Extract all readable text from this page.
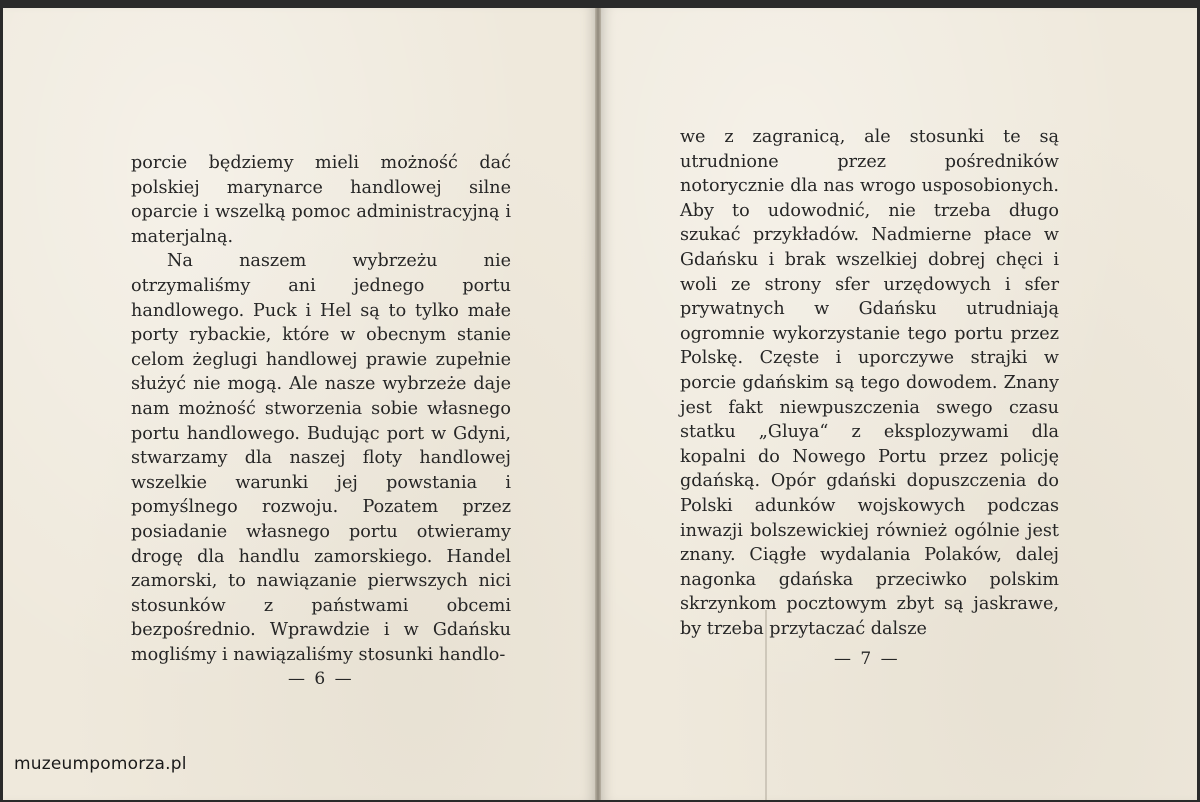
porcie będziemy mieli możność dać polskiej marynarce handlowej silne oparcie i wszelką pomoc administracyjną i materjalną.

Na naszem wybrzeżu nie otrzymaliśmy ani jednego portu handlowego. Puck i Hel są to tylko małe porty rybackie, które w obecnym stanie celom żeglugi handlowej prawie zupełnie służyć nie mogą. Ale nasze wybrzeże daje nam możność stworzenia sobie własnego portu handlowego. Budując port w Gdyni, stwarzamy dla naszej floty handlowej wszelkie warunki jej powstania i pomyślnego rozwoju. Pozatem przez posiadanie własnego portu otwieramy drogę dla handlu zamorskiego. Handel zamorski, to nawiązanie pierwszych nici stosunków z państwami obcemi bezpośrednio. Wprawdzie i w Gdańsku mogliśmy i nawiązaliśmy stosunki handlo-

— 6 —

we z zagranicą, ale stosunki te są utrudnione przez pośredników notorycznie dla nas wrogo usposobionych. Aby to udowodnić, nie trzeba długo szukać przykładów. Nadmierne płace w Gdańsku i brak wszelkiej dobrej chęci i woli ze strony sfer urzędowych i sfer prywatnych w Gdańsku utrudniają ogromnie wykorzystanie tego portu przez Polskę. Częste i uporczywe strajki w porcie gdańskim są tego dowodem. Znany jest fakt niewpuszczenia swego czasu statku „Gluya“ z eksplozywami dla kopalni do Nowego Portu przez policję gdańską. Opór gdański dopuszczenia do Polski adunków wojskowych podczas inwazji bolszewickiej również ogólnie jest znany. Ciągłe wydalania Polaków, dalej nagonka gdańska przeciwko polskim skrzynkom pocztowym zbyt są jaskrawe, by trzeba przytaczać dalsze

— 7 —
muzeumpomorza.pl
